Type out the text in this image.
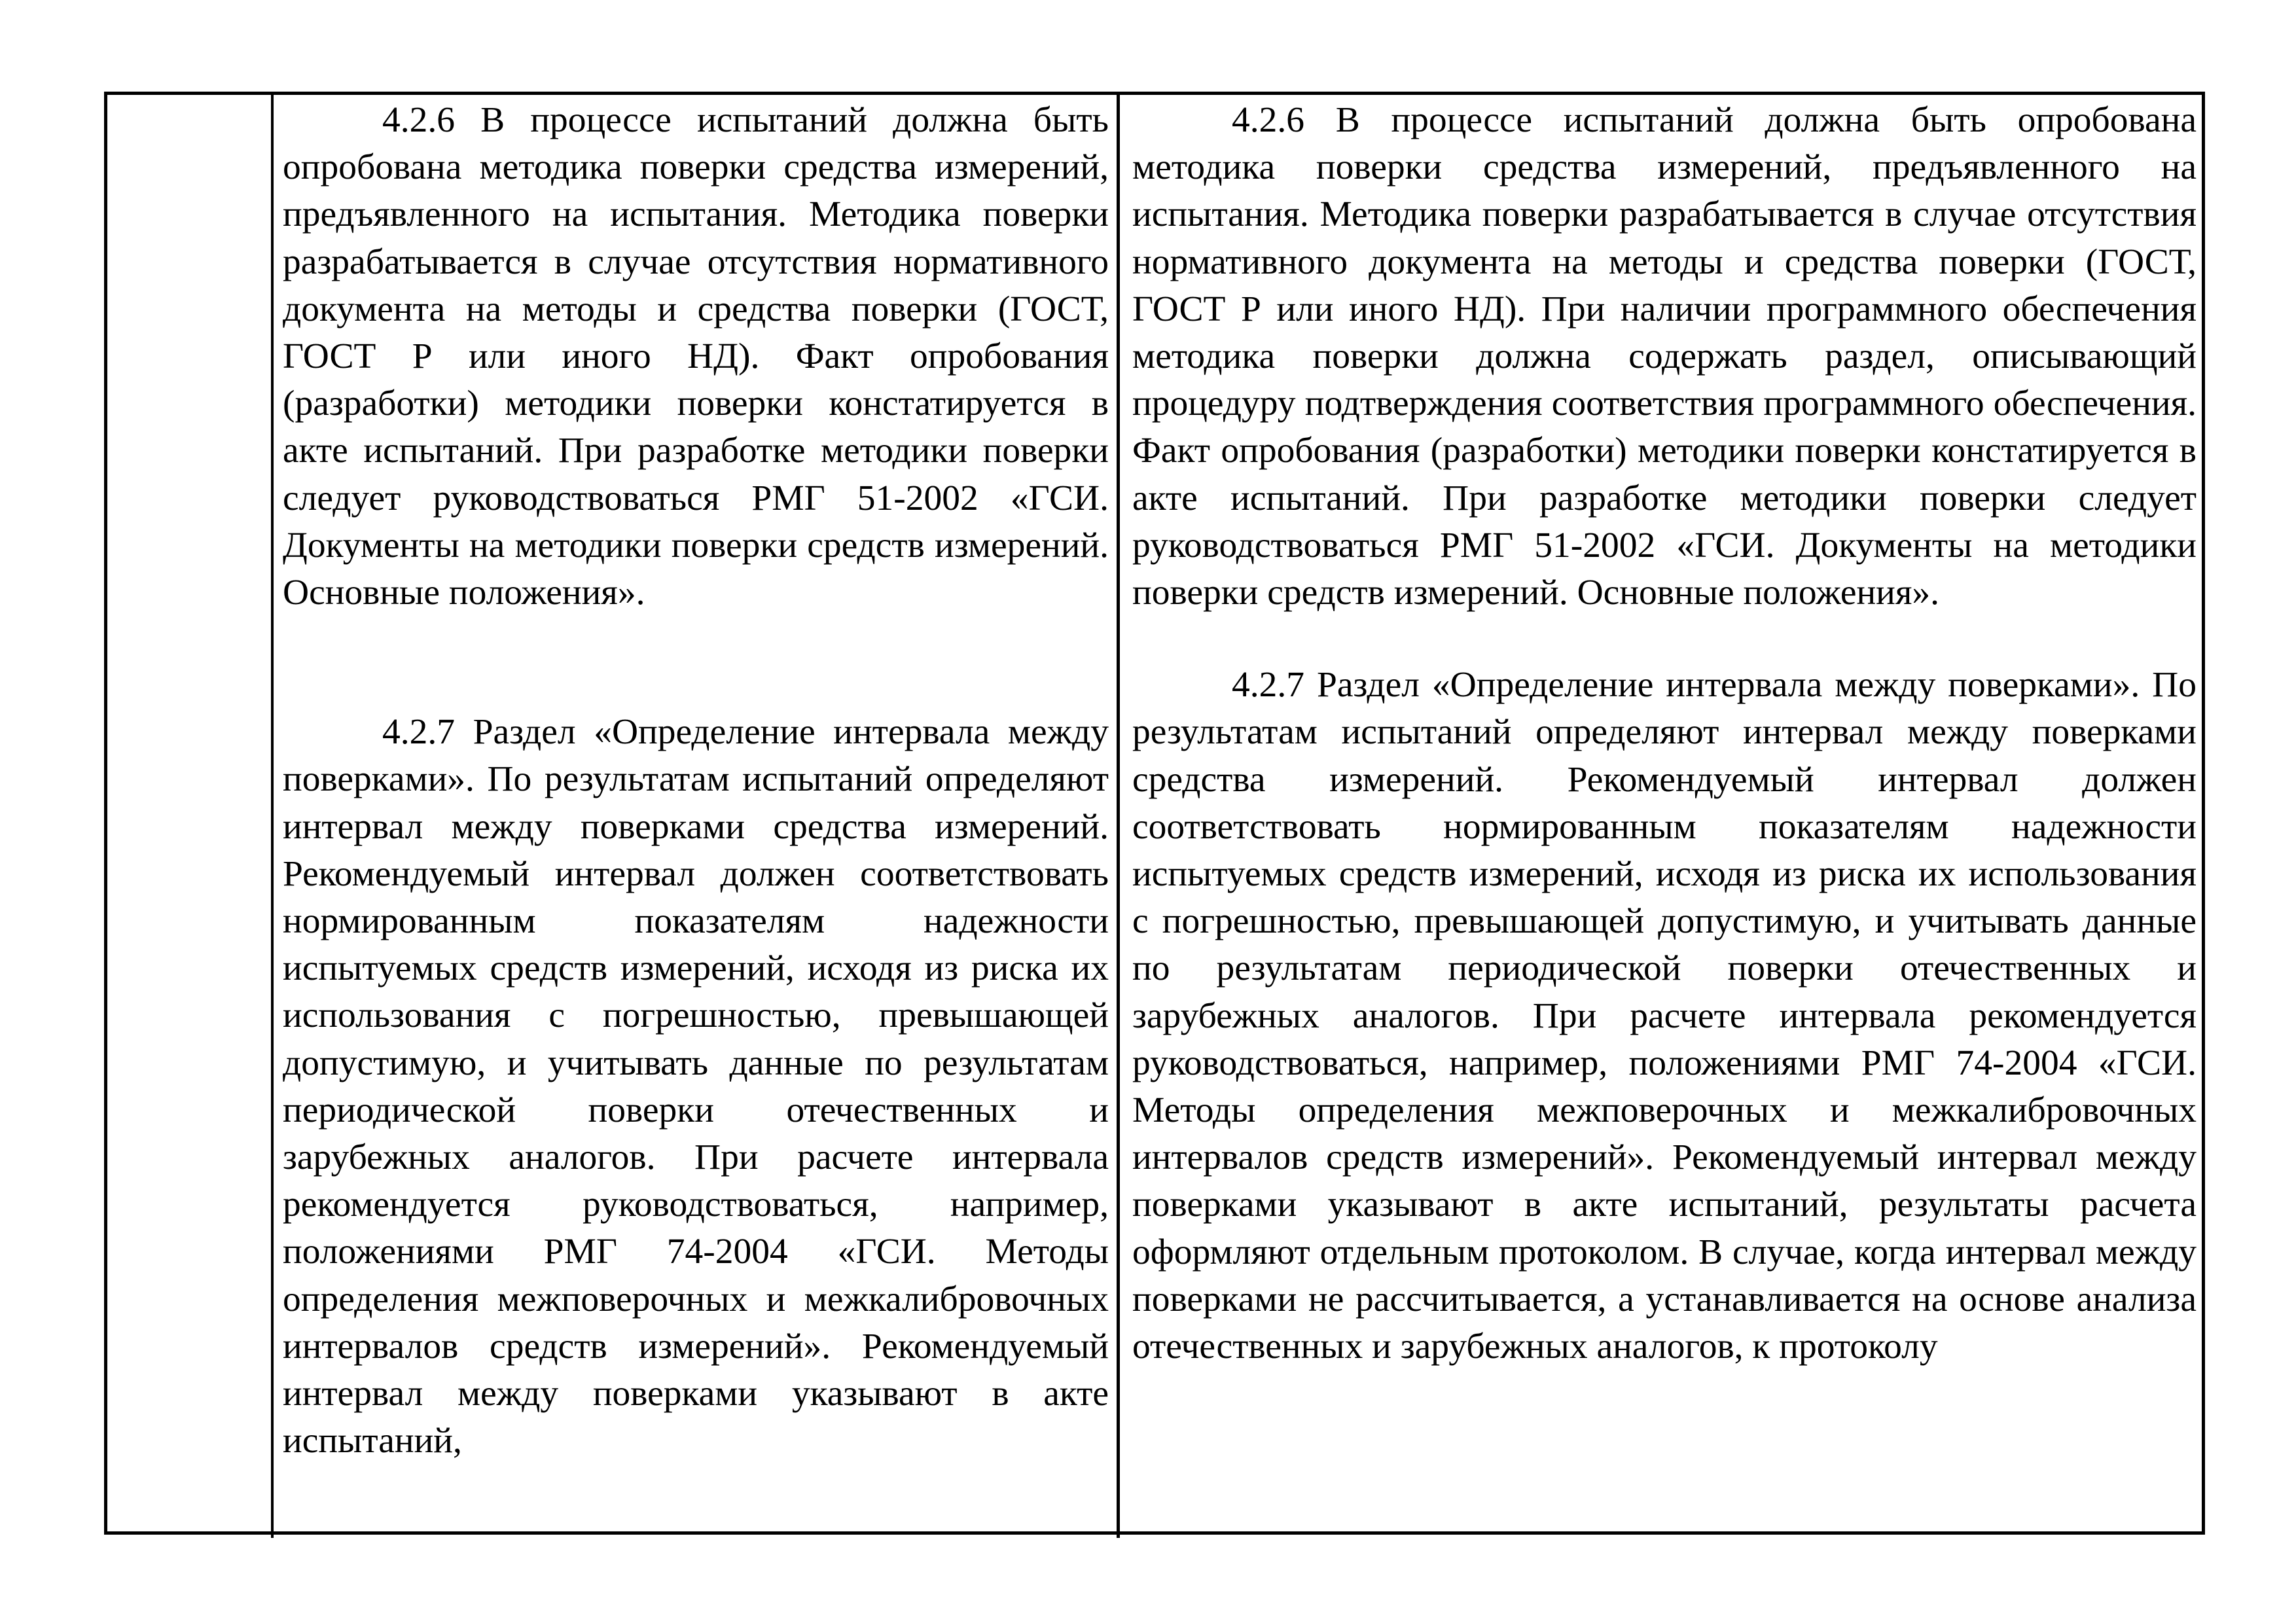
4.2.6 В процессе испытаний должна быть опробована методика поверки средства измерений, предъявленного на испытания. Методика поверки разрабатывается в случае отсутствия нормативного документа на методы и средства поверки (ГОСТ, ГОСТ Р или иного НД). Факт опробования (разработки) методики поверки констатируется в акте испытаний. При разработке методики поверки следует руководствоваться РМГ 51-2002 «ГСИ. Документы на методики поверки средств измерений. Основные положения».

4.2.7 Раздел «Определение интервала между поверками». По результатам испытаний определяют интервал между поверками средства измерений. Рекомендуемый интервал должен соответствовать нормированным показателям надежности испытуемых средств измерений, исходя из риска их использования с погрешностью, превышающей допустимую, и учитывать данные по результатам периодической поверки отечественных и зарубежных аналогов. При расчете интервала рекомендуется руководствоваться, например, положениями РМГ 74-2004 «ГСИ. Методы определения межповерочных и межкалибровочных интервалов средств измерений». Рекомендуемый интервал между поверками указывают в акте испытаний,

4.2.6 В процессе испытаний должна быть опробована методика поверки средства измерений, предъявленного на испытания. Методика поверки разрабатывается в случае отсутствия нормативного документа на методы и средства поверки (ГОСТ, ГОСТ Р или иного НД). При наличии программного обеспечения методика поверки должна содержать раздел, описывающий процедуру подтверждения соответствия программного обеспечения. Факт опробования (разработки) методики поверки констатируется в акте испытаний. При разработке методики поверки следует руководствоваться РМГ 51-2002 «ГСИ. Документы на методики поверки средств измерений. Основные положения».

4.2.7 Раздел «Определение интервала между поверками». По результатам испытаний определяют интервал между поверками средства измерений. Рекомендуемый интервал должен соответствовать нормированным показателям надежности испытуемых средств измерений, исходя из риска их использования с погрешностью, превышающей допустимую, и учитывать данные по результатам периодической поверки отечественных и зарубежных аналогов. При расчете интервала рекомендуется руководствоваться, например, положениями РМГ 74-2004 «ГСИ. Методы определения межповерочных и межкалибровочных интервалов средств измерений». Рекомендуемый интервал между поверками указывают в акте испытаний, результаты расчета оформляют отдельным протоколом. В случае, когда интервал между поверками не рассчитывается, а устанавливается на основе анализа отечественных и зарубежных аналогов, к протоколу
